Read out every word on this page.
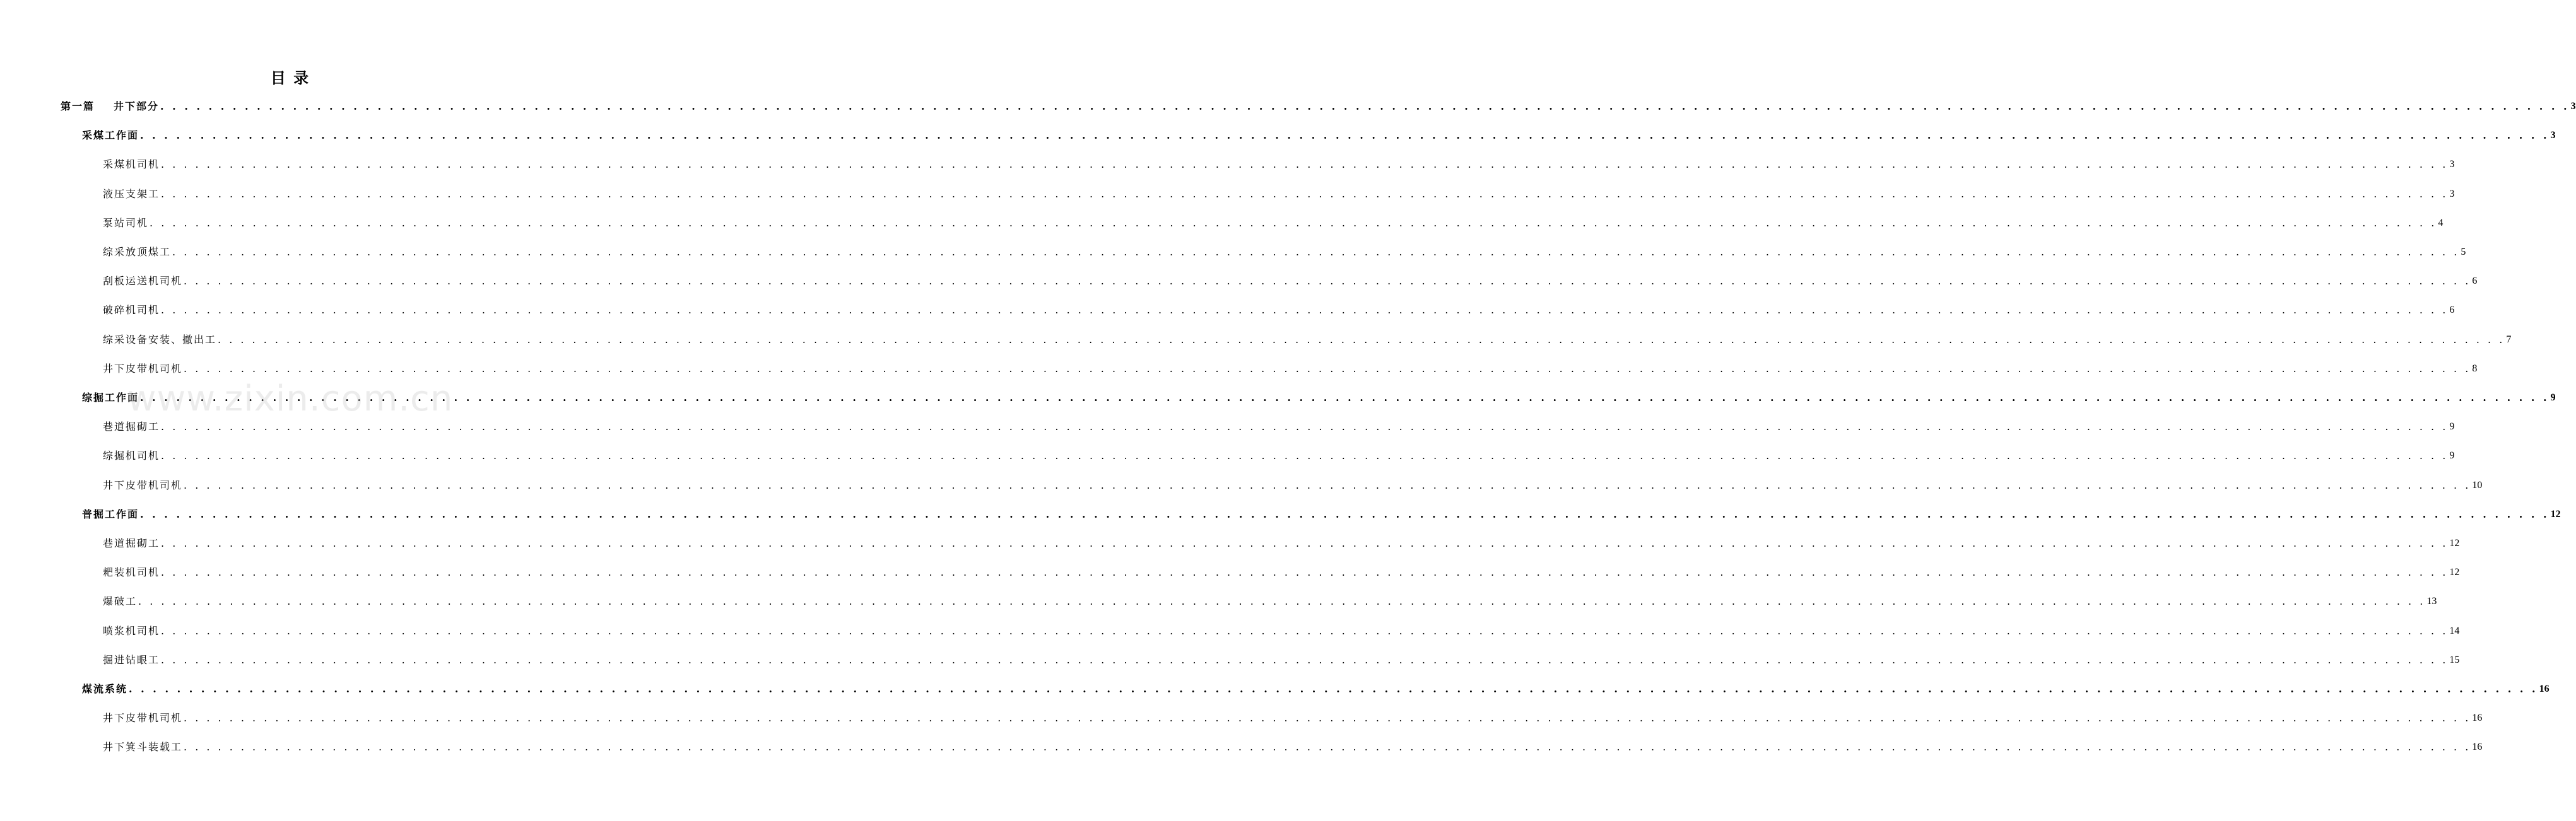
目 录
第一篇 井下部分 . . . . . . . . . . . . . . . . . . . . . . . . . . . . . . . . . . . . . . . . . . . . . . . . . . . . . . . . . . . . . . . . . . . . . . . . . . . . . . . . . . . . . . . . . . . . . . . . . . . . . . . . . . . . . . . . . . . . . . . . . . . . . . . . . . . . . . . . . . . . . . . . . . . . . . . . . . . . . . . . . . . . . . . . . . . . . . . . . . . . . . . . . . . . . . . . . . . . . . . . 3
采煤工作面 . . . . . . . . . . . . . . . . . . . . . . . . . . . . . . . . . . . . . . . . . . . . . . . . . . . . . . . . . . . . . . . . . . . . . . . . . . . . . . . . . . . . . . . . . . . . . . . . . . . . . . . . . . . . . . . . . . . . . . . . . . . . . . . . . . . . . . . . . . . . . . . . . . . . . . . . . . . . . . . . . . . . . . . . . . . . . . . . . . . . . . . . . . . . . . . . . . . . . . . . 3
采煤机司机 . . . . . . . . . . . . . . . . . . . . . . . . . . . . . . . . . . . . . . . . . . . . . . . . . . . . . . . . . . . . . . . . . . . . . . . . . . . . . . . . . . . . . . . . . . . . . . . . . . . . . . . . . . . . . . . . . . . . . . . . . . . . . . . . . . . . . . . . . . . . . . . . . . . . . . . . . . . . . . . . . . . . . . . . . . . . . . . . . . . . . . . . . . . . . . . . . . . . . . . . 3
液压支架工 . . . . . . . . . . . . . . . . . . . . . . . . . . . . . . . . . . . . . . . . . . . . . . . . . . . . . . . . . . . . . . . . . . . . . . . . . . . . . . . . . . . . . . . . . . . . . . . . . . . . . . . . . . . . . . . . . . . . . . . . . . . . . . . . . . . . . . . . . . . . . . . . . . . . . . . . . . . . . . . . . . . . . . . . . . . . . . . . . . . . . . . . . . . . . . . . . . . . . . . . 3
泵站司机 . . . . . . . . . . . . . . . . . . . . . . . . . . . . . . . . . . . . . . . . . . . . . . . . . . . . . . . . . . . . . . . . . . . . . . . . . . . . . . . . . . . . . . . . . . . . . . . . . . . . . . . . . . . . . . . . . . . . . . . . . . . . . . . . . . . . . . . . . . . . . . . . . . . . . . . . . . . . . . . . . . . . . . . . . . . . . . . . . . . . . . . . . . . . . . . . . . . . . . . . 4
综采放顶煤工 . . . . . . . . . . . . . . . . . . . . . . . . . . . . . . . . . . . . . . . . . . . . . . . . . . . . . . . . . . . . . . . . . . . . . . . . . . . . . . . . . . . . . . . . . . . . . . . . . . . . . . . . . . . . . . . . . . . . . . . . . . . . . . . . . . . . . . . . . . . . . . . . . . . . . . . . . . . . . . . . . . . . . . . . . . . . . . . . . . . . . . . . . . . . . . . . . . . . . . . . 5
刮板运送机司机 . . . . . . . . . . . . . . . . . . . . . . . . . . . . . . . . . . . . . . . . . . . . . . . . . . . . . . . . . . . . . . . . . . . . . . . . . . . . . . . . . . . . . . . . . . . . . . . . . . . . . . . . . . . . . . . . . . . . . . . . . . . . . . . . . . . . . . . . . . . . . . . . . . . . . . . . . . . . . . . . . . . . . . . . . . . . . . . . . . . . . . . . . . . . . . . . . . . . . . . . 6
破碎机司机 . . . . . . . . . . . . . . . . . . . . . . . . . . . . . . . . . . . . . . . . . . . . . . . . . . . . . . . . . . . . . . . . . . . . . . . . . . . . . . . . . . . . . . . . . . . . . . . . . . . . . . . . . . . . . . . . . . . . . . . . . . . . . . . . . . . . . . . . . . . . . . . . . . . . . . . . . . . . . . . . . . . . . . . . . . . . . . . . . . . . . . . . . . . . . . . . . . . . . . . . 6
综采设备安装、撤出工 . . . . . . . . . . . . . . . . . . . . . . . . . . . . . . . . . . . . . . . . . . . . . . . . . . . . . . . . . . . . . . . . . . . . . . . . . . . . . . . . . . . . . . . . . . . . . . . . . . . . . . . . . . . . . . . . . . . . . . . . . . . . . . . . . . . . . . . . . . . . . . . . . . . . . . . . . . . . . . . . . . . . . . . . . . . . . . . . . . . . . . . . . . . . . . . . . . . . . . . . 7
井下皮带机司机 . . . . . . . . . . . . . . . . . . . . . . . . . . . . . . . . . . . . . . . . . . . . . . . . . . . . . . . . . . . . . . . . . . . . . . . . . . . . . . . . . . . . . . . . . . . . . . . . . . . . . . . . . . . . . . . . . . . . . . . . . . . . . . . . . . . . . . . . . . . . . . . . . . . . . . . . . . . . . . . . . . . . . . . . . . . . . . . . . . . . . . . . . . . . . . . . . . . . . . . . 8
综掘工作面 . . . . . . . . . . . . . . . . . . . . . . . . . . . . . . . . . . . . . . . . . . . . . . . . . . . . . . . . . . . . . . . . . . . . . . . . . . . . . . . . . . . . . . . . . . . . . . . . . . . . . . . . . . . . . . . . . . . . . . . . . . . . . . . . . . . . . . . . . . . . . . . . . . . . . . . . . . . . . . . . . . . . . . . . . . . . . . . . . . . . . . . . . . . . . . . . . . . . . . . . 9
巷道掘砌工 . . . . . . . . . . . . . . . . . . . . . . . . . . . . . . . . . . . . . . . . . . . . . . . . . . . . . . . . . . . . . . . . . . . . . . . . . . . . . . . . . . . . . . . . . . . . . . . . . . . . . . . . . . . . . . . . . . . . . . . . . . . . . . . . . . . . . . . . . . . . . . . . . . . . . . . . . . . . . . . . . . . . . . . . . . . . . . . . . . . . . . . . . . . . . . . . . . . . . . . . 9
综掘机司机 . . . . . . . . . . . . . . . . . . . . . . . . . . . . . . . . . . . . . . . . . . . . . . . . . . . . . . . . . . . . . . . . . . . . . . . . . . . . . . . . . . . . . . . . . . . . . . . . . . . . . . . . . . . . . . . . . . . . . . . . . . . . . . . . . . . . . . . . . . . . . . . . . . . . . . . . . . . . . . . . . . . . . . . . . . . . . . . . . . . . . . . . . . . . . . . . . . . . . . . . 9
井下皮带机司机 . . . . . . . . . . . . . . . . . . . . . . . . . . . . . . . . . . . . . . . . . . . . . . . . . . . . . . . . . . . . . . . . . . . . . . . . . . . . . . . . . . . . . . . . . . . . . . . . . . . . . . . . . . . . . . . . . . . . . . . . . . . . . . . . . . . . . . . . . . . . . . . . . . . . . . . . . . . . . . . . . . . . . . . . . . . . . . . . . . . . . . . . . . . . . . . . . . . . . . . . 10
普掘工作面 . . . . . . . . . . . . . . . . . . . . . . . . . . . . . . . . . . . . . . . . . . . . . . . . . . . . . . . . . . . . . . . . . . . . . . . . . . . . . . . . . . . . . . . . . . . . . . . . . . . . . . . . . . . . . . . . . . . . . . . . . . . . . . . . . . . . . . . . . . . . . . . . . . . . . . . . . . . . . . . . . . . . . . . . . . . . . . . . . . . . . . . . . . . . . . . . . . . . . . . . 12
巷道掘砌工 . . . . . . . . . . . . . . . . . . . . . . . . . . . . . . . . . . . . . . . . . . . . . . . . . . . . . . . . . . . . . . . . . . . . . . . . . . . . . . . . . . . . . . . . . . . . . . . . . . . . . . . . . . . . . . . . . . . . . . . . . . . . . . . . . . . . . . . . . . . . . . . . . . . . . . . . . . . . . . . . . . . . . . . . . . . . . . . . . . . . . . . . . . . . . . . . . . . . . . . . 12
耙装机司机 . . . . . . . . . . . . . . . . . . . . . . . . . . . . . . . . . . . . . . . . . . . . . . . . . . . . . . . . . . . . . . . . . . . . . . . . . . . . . . . . . . . . . . . . . . . . . . . . . . . . . . . . . . . . . . . . . . . . . . . . . . . . . . . . . . . . . . . . . . . . . . . . . . . . . . . . . . . . . . . . . . . . . . . . . . . . . . . . . . . . . . . . . . . . . . . . . . . . . . . . 12
爆破工 . . . . . . . . . . . . . . . . . . . . . . . . . . . . . . . . . . . . . . . . . . . . . . . . . . . . . . . . . . . . . . . . . . . . . . . . . . . . . . . . . . . . . . . . . . . . . . . . . . . . . . . . . . . . . . . . . . . . . . . . . . . . . . . . . . . . . . . . . . . . . . . . . . . . . . . . . . . . . . . . . . . . . . . . . . . . . . . . . . . . . . . . . . . . . . . . . . . . . . . . 13
喷浆机司机 . . . . . . . . . . . . . . . . . . . . . . . . . . . . . . . . . . . . . . . . . . . . . . . . . . . . . . . . . . . . . . . . . . . . . . . . . . . . . . . . . . . . . . . . . . . . . . . . . . . . . . . . . . . . . . . . . . . . . . . . . . . . . . . . . . . . . . . . . . . . . . . . . . . . . . . . . . . . . . . . . . . . . . . . . . . . . . . . . . . . . . . . . . . . . . . . . . . . . . . . 14
掘进钻眼工 . . . . . . . . . . . . . . . . . . . . . . . . . . . . . . . . . . . . . . . . . . . . . . . . . . . . . . . . . . . . . . . . . . . . . . . . . . . . . . . . . . . . . . . . . . . . . . . . . . . . . . . . . . . . . . . . . . . . . . . . . . . . . . . . . . . . . . . . . . . . . . . . . . . . . . . . . . . . . . . . . . . . . . . . . . . . . . . . . . . . . . . . . . . . . . . . . . . . . . . . 15
煤流系统 . . . . . . . . . . . . . . . . . . . . . . . . . . . . . . . . . . . . . . . . . . . . . . . . . . . . . . . . . . . . . . . . . . . . . . . . . . . . . . . . . . . . . . . . . . . . . . . . . . . . . . . . . . . . . . . . . . . . . . . . . . . . . . . . . . . . . . . . . . . . . . . . . . . . . . . . . . . . . . . . . . . . . . . . . . . . . . . . . . . . . . . . . . . . . . . . . . . . . . . . 16
井下皮带机司机 . . . . . . . . . . . . . . . . . . . . . . . . . . . . . . . . . . . . . . . . . . . . . . . . . . . . . . . . . . . . . . . . . . . . . . . . . . . . . . . . . . . . . . . . . . . . . . . . . . . . . . . . . . . . . . . . . . . . . . . . . . . . . . . . . . . . . . . . . . . . . . . . . . . . . . . . . . . . . . . . . . . . . . . . . . . . . . . . . . . . . . . . . . . . . . . . . . . . . . . . 16
井下箕斗装载工 . . . . . . . . . . . . . . . . . . . . . . . . . . . . . . . . . . . . . . . . . . . . . . . . . . . . . . . . . . . . . . . . . . . . . . . . . . . . . . . . . . . . . . . . . . . . . . . . . . . . . . . . . . . . . . . . . . . . . . . . . . . . . . . . . . . . . . . . . . . . . . . . . . . . . . . . . . . . . . . . . . . . . . . . . . . . . . . . . . . . . . . . . . . . . . . . . . . . . . . . 16
www.zixin.com.cn
